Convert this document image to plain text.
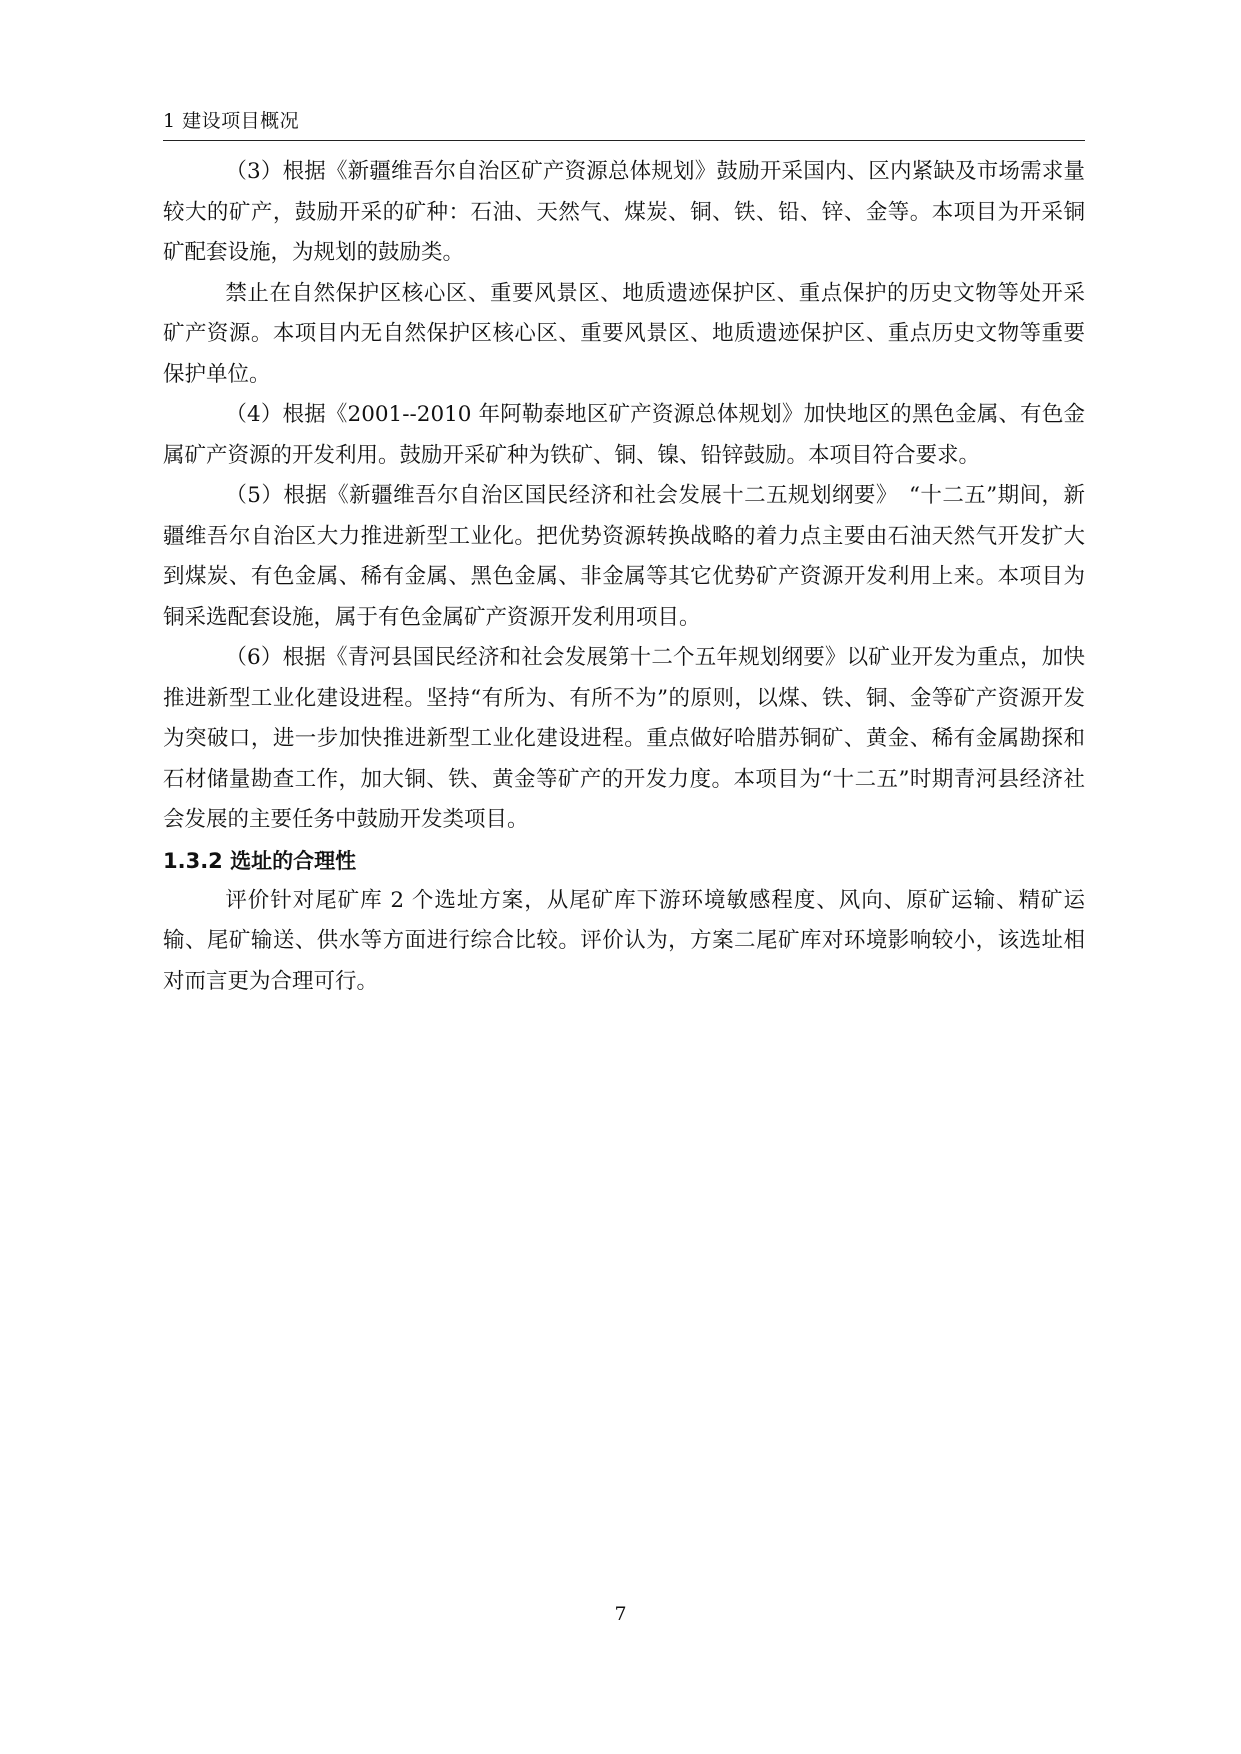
1 建设项目概况

（3）根据《新疆维吾尔自治区矿产资源总体规划》鼓励开采国内、区内紧缺及市场需求量较大的矿产，鼓励开采的矿种：石油、天然气、煤炭、铜、铁、铅、锌、金等。本项目为开采铜矿配套设施，为规划的鼓励类。

禁止在自然保护区核心区、重要风景区、地质遗迹保护区、重点保护的历史文物等处开采矿产资源。本项目内无自然保护区核心区、重要风景区、地质遗迹保护区、重点历史文物等重要保护单位。

（4）根据《2001--2010 年阿勒泰地区矿产资源总体规划》加快地区的黑色金属、有色金属矿产资源的开发利用。鼓励开采矿种为铁矿、铜、镍、铅锌鼓励。本项目符合要求。

（5）根据《新疆维吾尔自治区国民经济和社会发展十二五规划纲要》　“十二五”期间，新疆维吾尔自治区大力推进新型工业化。把优势资源转换战略的着力点主要由石油天然气开发扩大到煤炭、有色金属、稀有金属、黑色金属、非金属等其它优势矿产资源开发利用上来。本项目为铜采选配套设施，属于有色金属矿产资源开发利用项目。

（6）根据《青河县国民经济和社会发展第十二个五年规划纲要》以矿业开发为重点，加快推进新型工业化建设进程。坚持“有所为、有所不为”的原则，以煤、铁、铜、金等矿产资源开发为突破口，进一步加快推进新型工业化建设进程。重点做好哈腊苏铜矿、黄金、稀有金属勘探和石材储量勘查工作，加大铜、铁、黄金等矿产的开发力度。本项目为“十二五”时期青河县经济社会发展的主要任务中鼓励开发类项目。

1.3.2 选址的合理性

评价针对尾矿库 2 个选址方案，从尾矿库下游环境敏感程度、风向、原矿运输、精矿运输、尾矿输送、供水等方面进行综合比较。评价认为，方案二尾矿库对环境影响较小，该选址相对而言更为合理可行。

7
